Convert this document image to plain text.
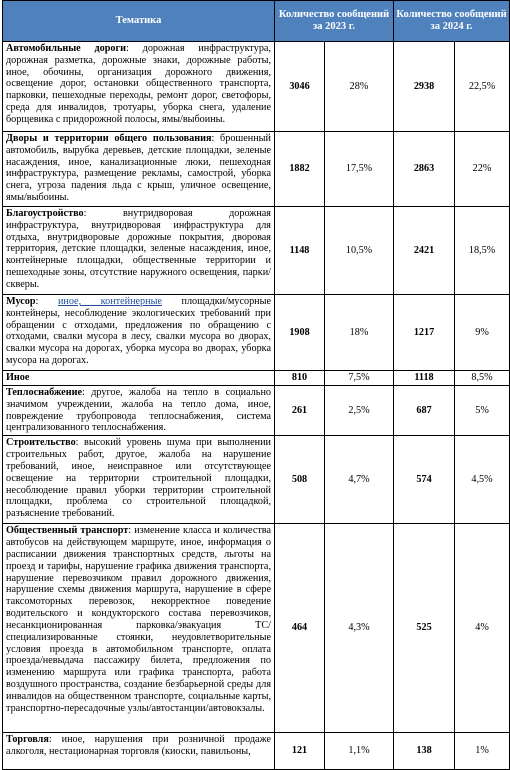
Тематика	Количество сообщений за 2023 г.		Количество сообщений за 2024 г.	
Автомобильные дороги: дорожная инфраструктура, дорожная разметка, дорожные знаки, дорожные работы, иное, обочины, организация дорожного движения, освещение дорог, остановки общественного транспорта, парковки, пешеходные переходы, ремонт дорог, светофоры, среда для инвалидов, тротуары, уборка снега, удаление борщевика с придорожной полосы, ямы/выбоины.	3046	28%	2938	22,5%
Дворы и территории общего пользования: брошенный автомобиль, вырубка деревьев, детские площадки, зеленые насаждения, иное, канализационные люки, пешеходная инфраструктура, размещение рекламы, самострой, уборка снега, угроза падения льда с крыш, уличное освещение, ямы/выбоины.	1882	17,5%	2863	22%
Благоустройство: внутридворовая дорожная инфраструктура, внутридворовая инфраструктура для отдыха, внутридворовые дорожные покрытия, дворовая территория, детские площадки, зеленые насаждения, иное, контейнерные площадки, общественные территории и пешеходные зоны, отсутствие наружного освещения, парки/скверы.	1148	10,5%	2421	18,5%
Мусор: иное, контейнерные площадки/мусорные контейнеры, несоблюдение экологических требований при обращении с отходами, предложения по обращению с отходами, свалки мусора в лесу, свалки мусора во дворах, свалки мусора на дорогах, уборка мусора во дворах, уборка мусора на дорогах.	1908	18%	1217	9%
Иное	810	7,5%	1118	8,5%
Теплоснабжение: другое, жалоба на тепло в социально значимом учреждении, жалоба на тепло дома, иное, повреждение трубопровода теплоснабжения, система централизованного теплоснабжения.	261	2,5%	687	5%
Строительство: высокий уровень шума при выполнении строительных работ, другое, жалоба на нарушение требований, иное, неисправное или отсутствующее освещение на территории строительной площадки, несоблюдение правил уборки территории строительной площадки, проблема со строительной площадкой, разъяснение требований.	508	4,7%	574	4,5%
Общественный транспорт: изменение класса и количества автобусов на действующем маршруте, иное, информация о расписании движения транспортных средств, льготы на проезд и тарифы, нарушение графика движения транспорта, нарушение перевозчиком правил дорожного движения, нарушение схемы движения маршрута, нарушение в сфере таксомоторных перевозок, некорректное поведение водительского и кондукторского состава перевозчиков, несанкционированная парковка/эвакуация ТС/специализированные стоянки, неудовлетворительные условия проезда в автомобильном транспорте, оплата проезда/невыдача пассажиру билета, предложения по изменению маршрута или графика транспорта, работа воздушного пространства, создание безбарьерной среды для инвалидов на общественном транспорте, социальные карты, транспортно-пересадочные узлы/автостанции/автовокзалы.	464	4,3%	525	4%
Торговля: иное, нарушения при розничной продаже алкоголя, нестационарная торговля (киоски, павильоны,	121	1,1%	138	1%
